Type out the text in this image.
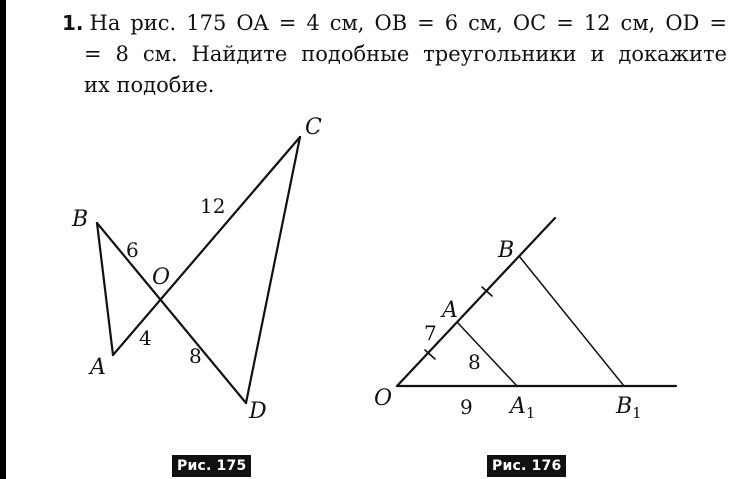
1. На рис. 175 OA = 4 см, OB = 6 см, OC = 12 см, OD =
= 8 см. Найдите подобные треугольники и докажите
их подобие.
B
A
C
D
O
6
4
12
8
O
A
B
$A_1$	$B_1$
7
8
9
Рис. 175	Рис. 176
